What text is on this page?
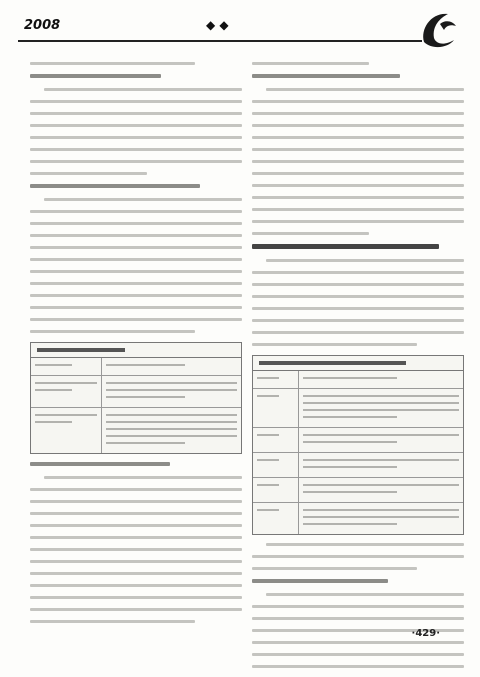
2008	◆ ◆
·429·
